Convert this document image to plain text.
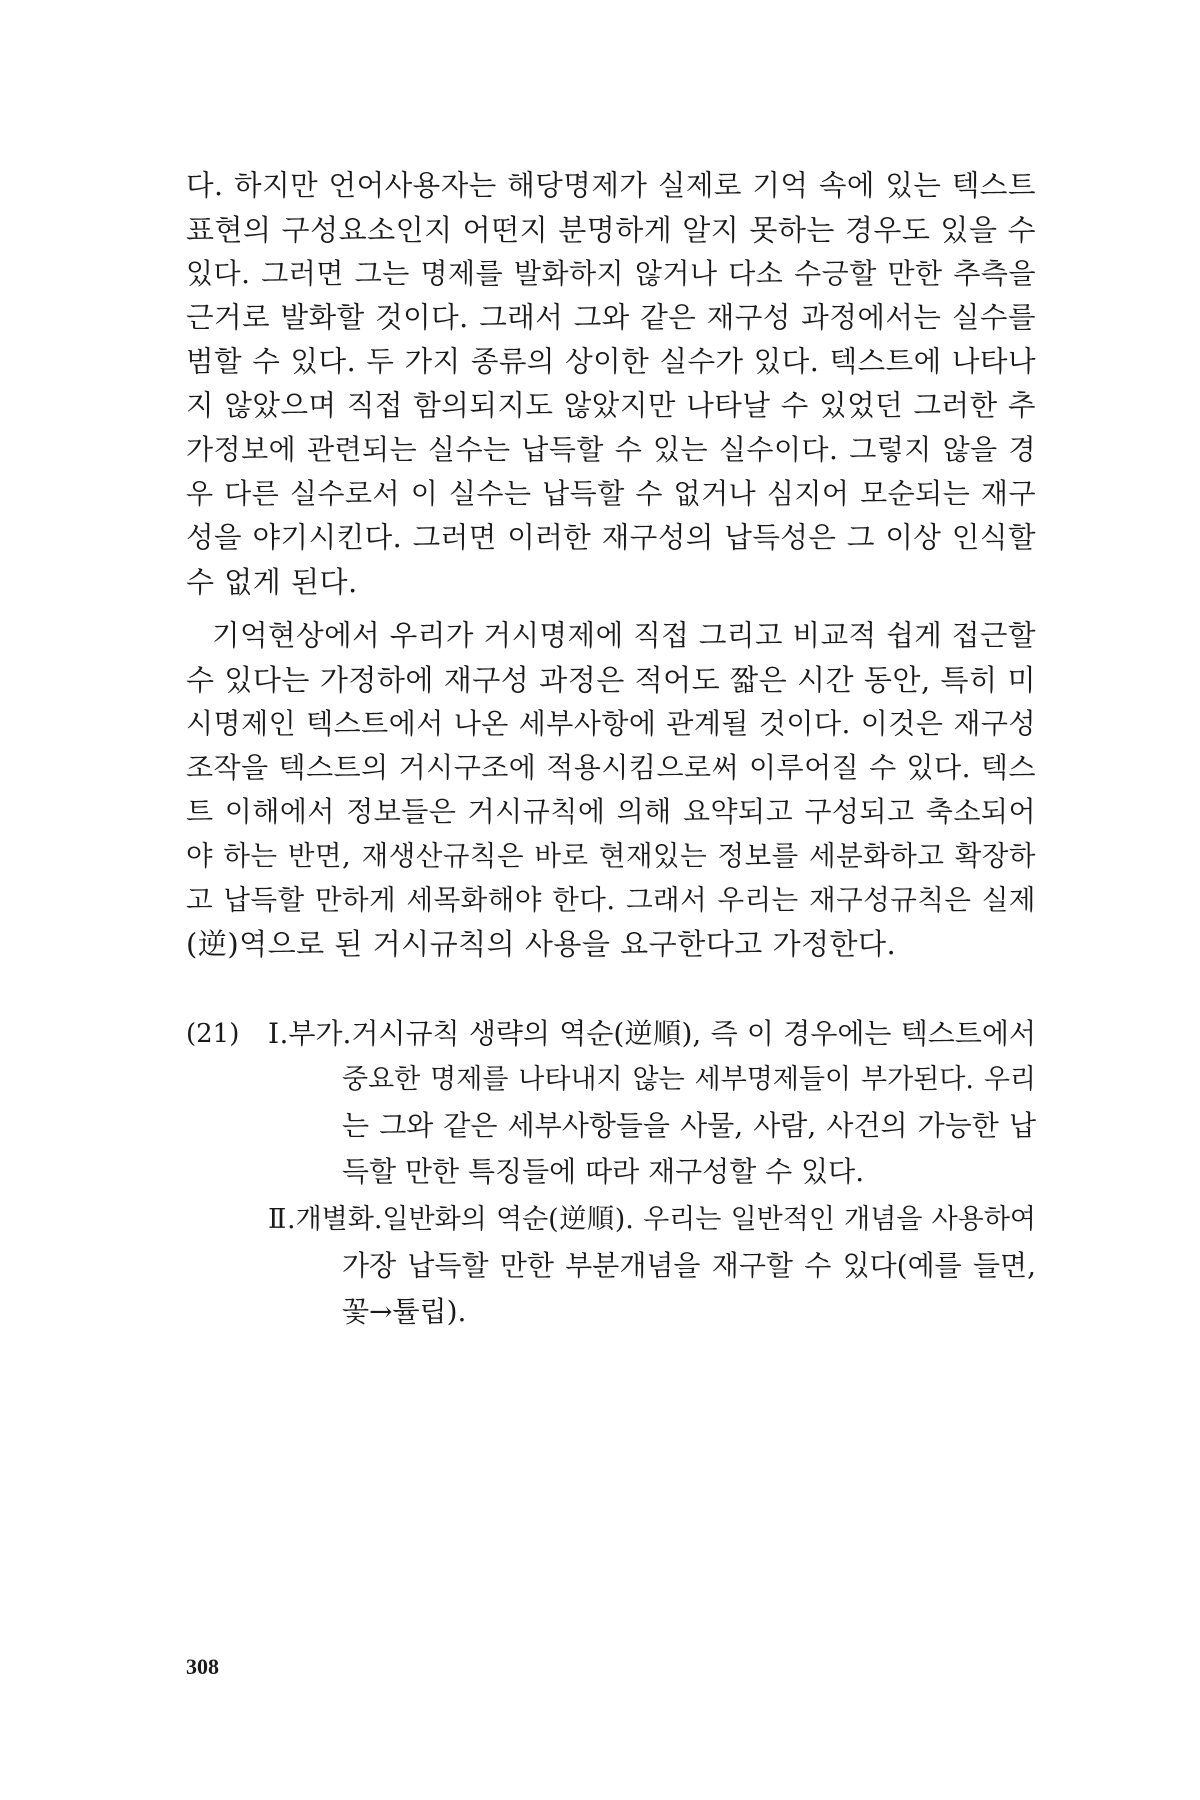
다. 하지만 언어사용자는 해당명제가 실제로 기억 속에 있는 텍스트
표현의 구성요소인지 어떤지 분명하게 알지 못하는 경우도 있을 수
있다. 그러면 그는 명제를 발화하지 않거나 다소 수긍할 만한 추측을
근거로 발화할 것이다. 그래서 그와 같은 재구성 과정에서는 실수를
범할 수 있다. 두 가지 종류의 상이한 실수가 있다. 텍스트에 나타나
지 않았으며 직접 함의되지도 않았지만 나타날 수 있었던 그러한 추
가정보에 관련되는 실수는 납득할 수 있는 실수이다. 그렇지 않을 경
우 다른 실수로서 이 실수는 납득할 수 없거나 심지어 모순되는 재구
성을 야기시킨다. 그러면 이러한 재구성의 납득성은 그 이상 인식할
수 없게 된다.
기억현상에서 우리가 거시명제에 직접 그리고 비교적 쉽게 접근할
수 있다는 가정하에 재구성 과정은 적어도 짧은 시간 동안, 특히 미
시명제인 텍스트에서 나온 세부사항에 관계될 것이다. 이것은 재구성
조작을 텍스트의 거시구조에 적용시킴으로써 이루어질 수 있다. 텍스
트 이해에서 정보들은 거시규칙에 의해 요약되고 구성되고 축소되어
야 하는 반면, 재생산규칙은 바로 현재있는 정보를 세분화하고 확장하
고 납득할 만하게 세목화해야 한다. 그래서 우리는 재구성규칙은 실제
(逆)역으로 된 거시규칙의 사용을 요구한다고 가정한다.
(21) Ⅰ.부가.거시규칙 생략의 역순(逆順), 즉 이 경우에는 텍스트에서
중요한 명제를 나타내지 않는 세부명제들이 부가된다. 우리
는 그와 같은 세부사항들을 사물, 사람, 사건의 가능한 납
득할 만한 특징들에 따라 재구성할 수 있다.
Ⅱ.개별화.일반화의 역순(逆順). 우리는 일반적인 개념을 사용하여
가장 납득할 만한 부분개념을 재구할 수 있다(예를 들면,
꽃→튤립).
308
